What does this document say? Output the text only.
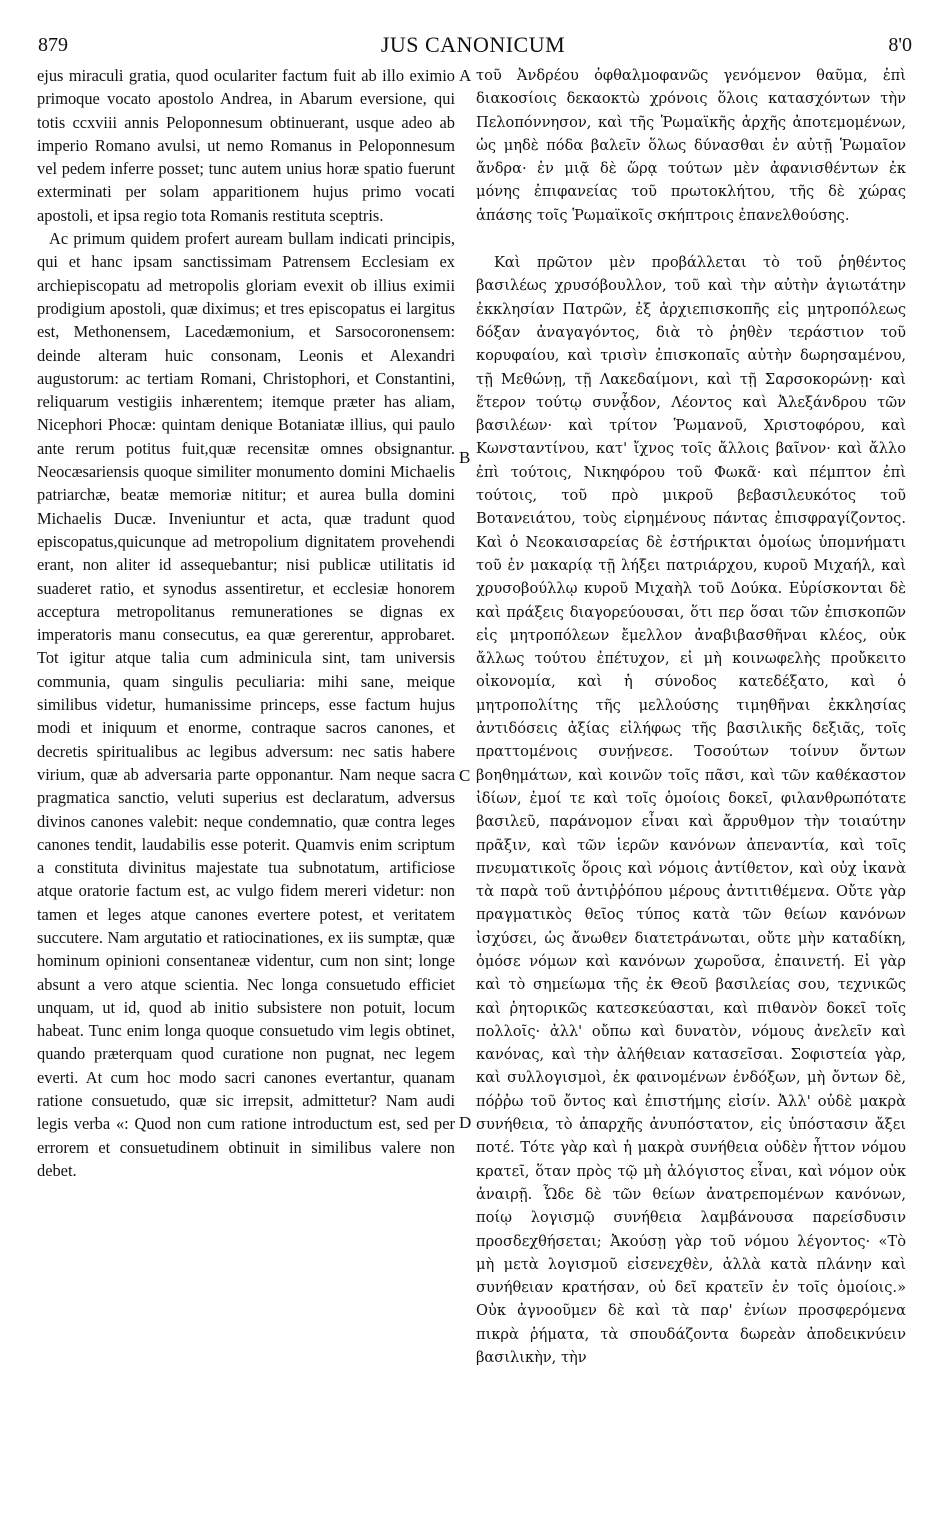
879	JUS CANONICUM	8'0

ejus miraculi gratia, quod oculariter factum fuit ab illo eximio primoque vocato apostolo Andrea, in Abarum eversione, qui totis ccxviii annis Peloponnesum obtinuerant, usque adeo ab imperio Romano avulsi, ut nemo Romanus in Peloponnesum vel pedem inferre posset; tunc autem unius horæ spatio fuerunt exterminati per solam apparitionem hujus primo vocati apostoli, et ipsa regio tota Romanis restituta sceptris.

Ac primum quidem profert auream bullam indicati principis, qui et hanc ipsam sanctissimam Patrensem Ecclesiam ex archiepiscopatu ad metropolis gloriam evexit ob illius eximii prodigium apostoli, quæ diximus; et tres episcopatus ei largitus est, Methonensem, Lacedæmonium, et Sarsocoronensem: deinde alteram huic consonam, Leonis et Alexandri augustorum: ac tertiam Romani, Christophori, et Constantini, reliquarum vestigiis inhærentem; itemque præter has aliam, Nicephori Phocæ: quintam denique Botaniatæ illius, qui paulo ante rerum potitus fuit,quæ recensitæ omnes obsignantur. Neocæsariensis quoque similiter monumento domini Michaelis patriarchæ, beatæ memoriæ nititur; et aurea bulla domini Michaelis Ducæ. Inveniuntur et acta, quæ tradunt quod episcopatus,quicunque ad metropolium dignitatem provehendi erant, non aliter id assequebantur; nisi publicæ utilitatis id suaderet ratio, et synodus assentiretur, et ecclesiæ honorem acceptura metropolitanus remunerationes se dignas ex imperatoris manu consecutus, ea quæ gererentur, approbaret. Tot igitur atque talia cum adminicula sint, tam universis communia, quam singulis peculiaria: mihi sane, meique similibus videtur, humanissime princeps, esse factum hujus modi et iniquum et enorme, contraque sacros canones, et decretis spiritualibus ac legibus adversum: nec satis habere virium, quæ ab adversaria parte opponantur. Nam neque sacra pragmatica sanctio, veluti superius est declaratum, adversus divinos canones valebit: neque condemnatio, quæ contra leges canones tendit, laudabilis esse poterit. Quamvis enim scriptum a constituta divinitus majestate tua subnotatum, artificiose atque oratorie factum est, ac vulgo fidem mereri videtur: non tamen et leges atque canones evertere potest, et veritatem succutere. Nam argutatio et ratiocinationes, ex iis sumptæ, quæ hominum opinioni consentaneæ videntur, cum non sint; longe absunt a vero atque scientia. Nec longa consuetudo efficiet unquam, ut id, quod ab initio subsistere non potuit, locum habeat. Tunc enim longa quoque consuetudo vim legis obtinet, quando præterquam quod curatione non pugnat, nec legem everti. At cum hoc modo sacri canones evertantur, quanam ratione consuetudo, quæ sic irrepsit, admittetur? Nam audi legis verba «: Quod non cum ratione introductum est, sed per errorem et consuetudinem obtinuit in similibus valere non debet.

A
B
C
D

τοῦ Ἀνδρέου ὀφθαλμοφανῶς γενόμενον θαῦμα, ἐπὶ διακοσίοις δεκαοκτὼ χρόνοις ὅλοις κατασχόντων τὴν Πελοπόννησον, καὶ τῆς Ῥωμαϊκῆς ἀρχῆς ἀποτεμομένων, ὡς μηδὲ πόδα βαλεῖν ὅλως δύνασθαι ἐν αὐτῇ Ῥωμαῖον ἄνδρα· ἐν μιᾷ δὲ ὥρᾳ τούτων μὲν ἀφανισθέντων ἐκ μόνης ἐπιφανείας τοῦ πρωτοκλήτου, τῆς δὲ χώρας ἁπάσης τοῖς Ῥωμαϊκοῖς σκήπτροις ἐπανελθούσης.

Καὶ πρῶτον μὲν προβάλλεται τὸ τοῦ ῥηθέντος βασιλέως χρυσόβουλλον, τοῦ καὶ τὴν αὐτὴν ἁγιωτάτην ἐκκλησίαν Πατρῶν, ἐξ ἀρχιεπισκοπῆς εἰς μητροπόλεως δόξαν ἀναγαγόντος, διὰ τὸ ῥηθὲν τεράστιον τοῦ κορυφαίου, καὶ τρισὶν ἐπισκοπαῖς αὐτὴν δωρησαμένου, τῇ Μεθώνῃ, τῇ Λακεδαίμονι, καὶ τῇ Σαρσοκορώνῃ· καὶ ἕτερον τούτῳ συνᾆδον, Λέοντος καὶ Ἀλεξάνδρου τῶν βασιλέων· καὶ τρίτον Ῥωμανοῦ, Χριστοφόρου, καὶ Κωνσταντίνου, κατ' ἴχνος τοῖς ἄλλοις βαῖνον· καὶ ἄλλο ἐπὶ τούτοις, Νικηφόρου τοῦ Φωκᾶ· καὶ πέμπτον ἐπὶ τούτοις, τοῦ πρὸ μικροῦ βεβασιλευκότος τοῦ Βοτανειάτου, τοὺς εἰρημένους πάντας ἐπισφραγίζοντος. Καὶ ὁ Νεοκαισαρείας δὲ ἐστήρικται ὁμοίως ὑπομνήματι τοῦ ἐν μακαρίᾳ τῇ λήξει πατριάρχου, κυροῦ Μιχαήλ, καὶ χρυσοβούλλῳ κυροῦ Μιχαὴλ τοῦ Δούκα. Εὑρίσκονται δὲ καὶ πράξεις διαγορεύουσαι, ὅτι περ ὅσαι τῶν ἐπισκοπῶν εἰς μητροπόλεων ἔμελλον ἀναβιβασθῆναι κλέος, οὐκ ἄλλως τούτου ἐπέτυχον, εἰ μὴ κοινωφελὴς προὔκειτο οἰκονομία, καὶ ἡ σύνοδος κατεδέξατο, καὶ ὁ μητροπολίτης τῆς μελλούσης τιμηθῆναι ἐκκλησίας ἀντιδόσεις ἀξίας εἰλήφως τῆς βασιλικῆς δεξιᾶς, τοῖς πραττομένοις συνῄνεσε. Τοσούτων τοίνυν ὄντων βοηθημάτων, καὶ κοινῶν τοῖς πᾶσι, καὶ τῶν καθέκαστον ἰδίων, ἐμοί τε καὶ τοῖς ὁμοίοις δοκεῖ, φιλανθρωπότατε βασιλεῦ, παράνομον εἶναι καὶ ἄρρυθμον τὴν τοιαύτην πρᾶξιν, καὶ τῶν ἱερῶν κανόνων ἀπεναντία, καὶ τοῖς πνευματικοῖς ὅροις καὶ νόμοις ἀντίθετον, καὶ οὐχ ἱκανὰ τὰ παρὰ τοῦ ἀντιῤῥόπου μέρους ἀντιτιθέμενα. Οὔτε γὰρ πραγματικὸς θεῖος τύπος κατὰ τῶν θείων κανόνων ἰσχύσει, ὡς ἄνωθεν διατετράνωται, οὔτε μὴν καταδίκη, ὁμόσε νόμων καὶ κανόνων χωροῦσα, ἐπαινετή. Εἰ γὰρ καὶ τὸ σημείωμα τῆς ἐκ Θεοῦ βασιλείας σου, τεχνικῶς καὶ ῥητορικῶς κατεσκεύασται, καὶ πιθανὸν δοκεῖ τοῖς πολλοῖς· ἀλλ' οὔπω καὶ δυνατὸν, νόμους ἀνελεῖν καὶ κανόνας, καὶ τὴν ἀλήθειαν κατασεῖσαι. Σοφιστεία γὰρ, καὶ συλλογισμοὶ, ἐκ φαινομένων ἐνδόξων, μὴ ὄντων δὲ, πόῤῥω τοῦ ὄντος καὶ ἐπιστήμης εἰσίν. Ἀλλ' οὐδὲ μακρὰ συνήθεια, τὸ ἀπαρχῆς ἀνυπόστατον, εἰς ὑπόστασιν ἄξει ποτέ. Τότε γὰρ καὶ ἡ μακρὰ συνήθεια οὐδὲν ἧττον νόμου κρατεῖ, ὅταν πρὸς τῷ μὴ ἀλόγιστος εἶναι, καὶ νόμον οὐκ ἀναιρῇ. Ὧδε δὲ τῶν θείων ἀνατρεπομένων κανόνων, ποίῳ λογισμῷ συνήθεια λαμβάνουσα παρείσδυσιν προσδεχθήσεται; Ἀκούσῃ γὰρ τοῦ νόμου λέγοντος· «Τὸ μὴ μετὰ λογισμοῦ εἰσενεχθὲν, ἀλλὰ κατὰ πλάνην καὶ συνήθειαν κρατήσαν, οὐ δεῖ κρατεῖν ἐν τοῖς ὁμοίοις.» Οὐκ ἀγνοοῦμεν δὲ καὶ τὰ παρ' ἐνίων προσφερόμενα πικρὰ ῥήματα, τὰ σπουδάζοντα δωρεὰν ἀποδεικνύειν βασιλικὴν, τὴν
